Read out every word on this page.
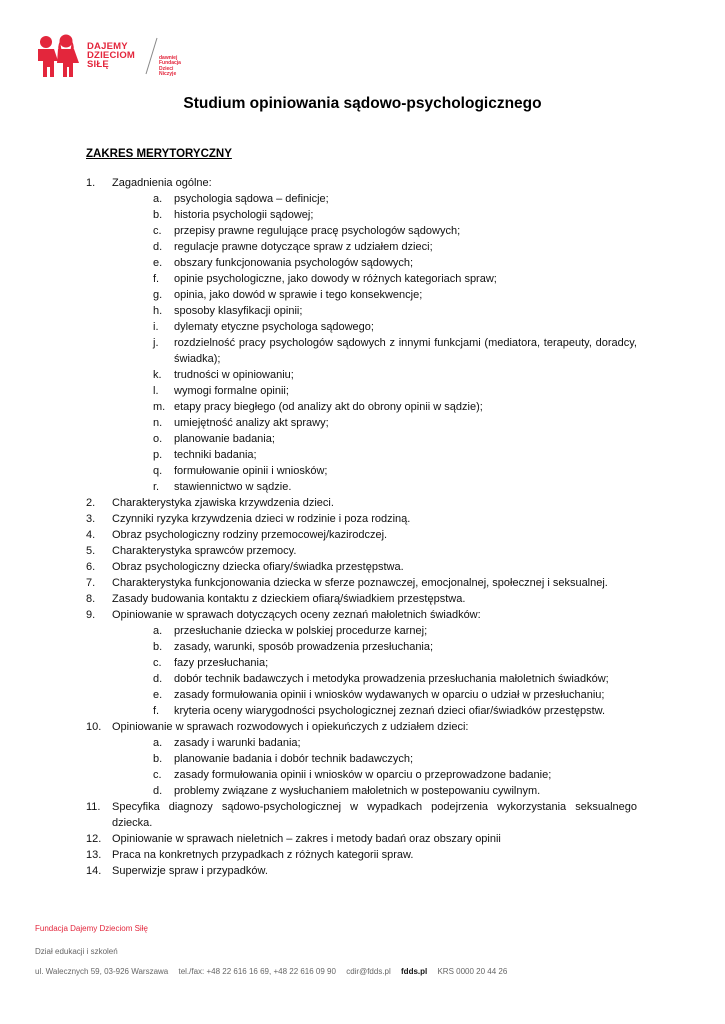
DAJEMY
DZIECIOM
SIŁĘ
dawniej
Fundacja
Dzieci
Niczyje
Studium opiniowania sądowo-psychologicznego
ZAKRES MERYTORYCZNY
1. Zagadnienia ogólne:
a. psychologia sądowa – definicje;
b. historia psychologii sądowej;
c. przepisy prawne regulujące pracę psychologów sądowych;
d. regulacje prawne dotyczące spraw z udziałem dzieci;
e. obszary funkcjonowania psychologów sądowych;
f. opinie psychologiczne, jako dowody w różnych kategoriach spraw;
g. opinia, jako dowód w sprawie i tego konsekwencje;
h. sposoby klasyfikacji opinii;
i. dylematy etyczne psychologa sądowego;
j. rozdzielność pracy psychologów sądowych z innymi funkcjami (mediatora, terapeuty, doradcy, świadka);
k. trudności w opiniowaniu;
l. wymogi formalne opinii;
m. etapy pracy biegłego (od analizy akt do obrony opinii w sądzie);
n. umiejętność analizy akt sprawy;
o. planowanie badania;
p. techniki badania;
q. formułowanie opinii i wniosków;
r. stawiennictwo w sądzie.
2. Charakterystyka zjawiska krzywdzenia dzieci.
3. Czynniki ryzyka krzywdzenia dzieci w rodzinie i poza rodziną.
4. Obraz psychologiczny rodziny przemocowej/kazirodczej.
5. Charakterystyka sprawców przemocy.
6. Obraz psychologiczny dziecka ofiary/świadka przestępstwa.
7. Charakterystyka funkcjonowania dziecka w sferze poznawczej, emocjonalnej, społecznej i seksualnej.
8. Zasady budowania kontaktu z dzieckiem ofiarą/świadkiem przestępstwa.
9. Opiniowanie w sprawach dotyczących oceny zeznań małoletnich świadków:
a. przesłuchanie dziecka w polskiej procedurze karnej;
b. zasady, warunki, sposób prowadzenia przesłuchania;
c. fazy przesłuchania;
d. dobór technik badawczych i metodyka prowadzenia przesłuchania małoletnich świadków;
e. zasady formułowania opinii i wniosków wydawanych w oparciu o udział w przesłuchaniu;
f. kryteria oceny wiarygodności psychologicznej zeznań dzieci ofiar/świadków przestępstw.
10. Opiniowanie w sprawach rozwodowych i opiekuńczych z udziałem dzieci:
a. zasady i warunki badania;
b. planowanie badania i dobór technik badawczych;
c. zasady formułowania opinii i wniosków w oparciu o przeprowadzone badanie;
d. problemy związane z wysłuchaniem małoletnich w postepowaniu cywilnym.
11. Specyfika diagnozy sądowo-psychologicznej w wypadkach podejrzenia wykorzystania seksualnego dziecka.
12. Opiniowanie w sprawach nieletnich – zakres i metody badań oraz obszary opinii
13. Praca na konkretnych przypadkach z różnych kategorii spraw.
14. Superwizje spraw i przypadków.
Fundacja Dajemy Dzieciom Siłę
Dział edukacji i szkoleń
ul. Walecznych 59, 03-926 Warszawa tel./fax: +48 22 616 16 69, +48 22 616 09 90 cdir@fdds.pl fdds.pl KRS 0000 20 44 26
